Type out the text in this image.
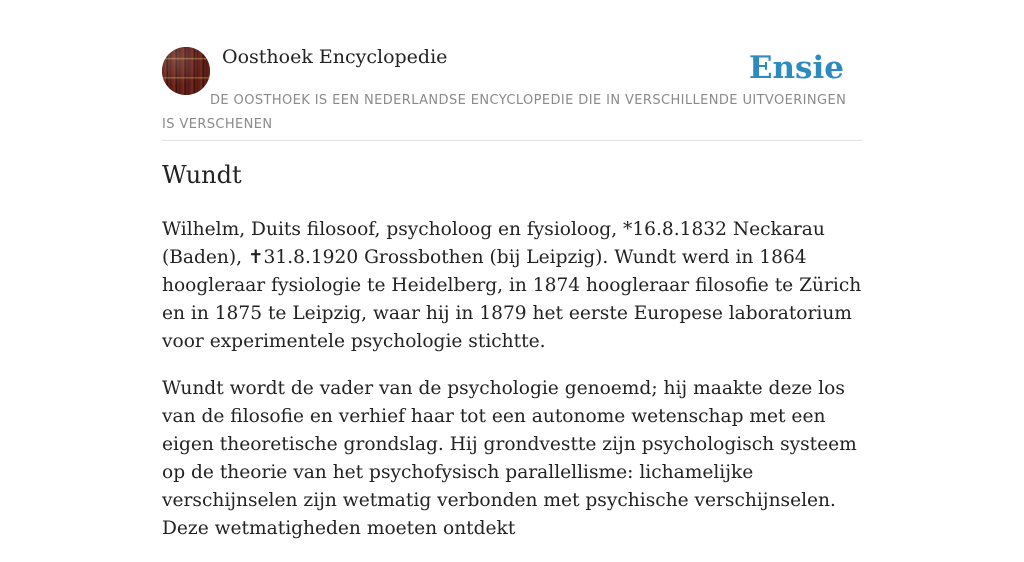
Oosthoek Encyclopedie	Ensie
DE OOSTHOEK IS EEN NEDERLANDSE ENCYCLOPEDIE DIE IN VERSCHILLENDE UITVOERINGEN IS VERSCHENEN
Wundt

Wilhelm, Duits filosoof, psycholoog en fysioloog, *16.8.1832 Neckarau (Baden), ✝31.8.1920 Grossbothen (bij Leipzig). Wundt werd in 1864 hoogleraar fysiologie te Heidelberg, in 1874 hoogleraar filosofie te Zürich en in 1875 te Leipzig, waar hij in 1879 het eerste Europese laboratorium voor experimentele psychologie stichtte.

Wundt wordt de vader van de psychologie genoemd; hij maakte deze los van de filosofie en verhief haar tot een autonome wetenschap met een eigen theoretische grondslag. Hij grondvestte zijn psychologisch systeem op de theorie van het psychofysisch parallellisme: lichamelijke verschijnselen zijn wetmatig verbonden met psychische verschijnselen. Deze wetmatigheden moeten ontdekt
